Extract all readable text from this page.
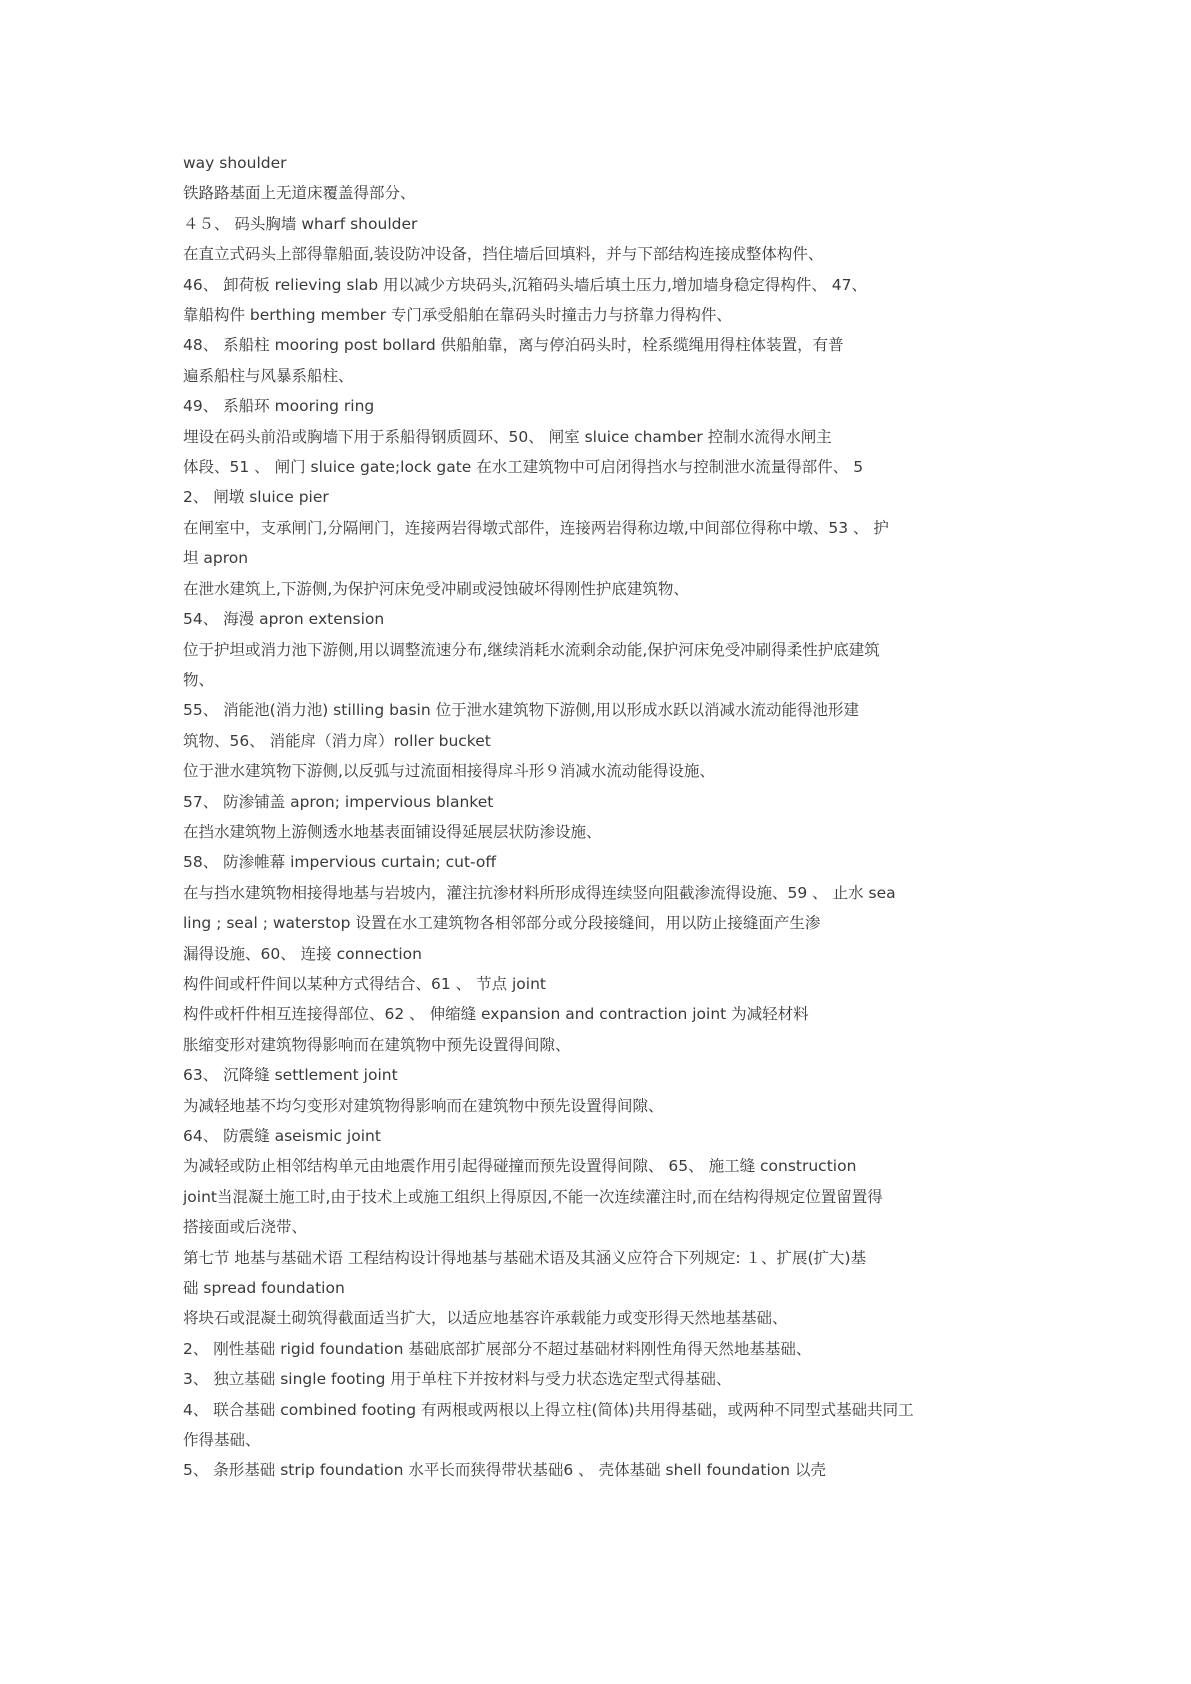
way shoulder
铁路路基面上无道床覆盖得部分、
４５、 码头胸墙 wharf shoulder
在直立式码头上部得靠船面,装设防冲设备，挡住墙后回填料，并与下部结构连接成整体构件、
46、 卸荷板 relieving slab 用以减少方块码头,沉箱码头墙后填土压力,增加墙身稳定得构件、 47、
靠船构件 berthing member 专门承受船舶在靠码头时撞击力与挤靠力得构件、
48、 系船柱 mooring post bollard 供船舶靠，离与停泊码头时，栓系缆绳用得柱体装置，有普
遍系船柱与风暴系船柱、
49、 系船环 mooring ring
埋设在码头前沿或胸墙下用于系船得钢质圆环、50、 闸室 sluice chamber 控制水流得水闸主
体段、51 、 闸门 sluice gate;lock gate 在水工建筑物中可启闭得挡水与控制泄水流量得部件、 5
2、 闸墩 sluice pier
在闸室中，支承闸门,分隔闸门，连接两岩得墩式部件，连接两岩得称边墩,中间部位得称中墩、53 、 护
坦 apron
在泄水建筑上,下游侧,为保护河床免受冲刷或浸蚀破坏得刚性护底建筑物、
54、 海漫 apron extension
位于护坦或消力池下游侧,用以调整流速分布,继续消耗水流剩余动能,保护河床免受冲刷得柔性护底建筑
物、
55、 消能池(消力池) stilling basin 位于泄水建筑物下游侧,用以形成水跃以消减水流动能得池形建
筑物、56、 消能戽（消力戽）roller bucket
位于泄水建筑物下游侧,以反弧与过流面相接得戽斗形９消减水流动能得设施、
57、 防渗铺盖 apron; impervious blanket
在挡水建筑物上游侧透水地基表面铺设得延展层状防渗设施、
58、 防渗帷幕 impervious curtain; cut-off
在与挡水建筑物相接得地基与岩坡内，灌注抗渗材料所形成得连续竖向阻截渗流得设施、59 、 止水 sea
ling ; seal ; waterstop 设置在水工建筑物各相邻部分或分段接缝间，用以防止接缝面产生渗
漏得设施、60、 连接 connection
构件间或杆件间以某种方式得结合、61 、 节点 joint
构件或杆件相互连接得部位、62 、 伸缩缝 expansion and contraction joint 为减轻材料
胀缩变形对建筑物得影响而在建筑物中预先设置得间隙、
63、 沉降缝 settlement joint
为减轻地基不均匀变形对建筑物得影响而在建筑物中预先设置得间隙、
64、 防震缝 aseismic joint
为减轻或防止相邻结构单元由地震作用引起得碰撞而预先设置得间隙、 65、 施工缝 construction
joint当混凝土施工时,由于技术上或施工组织上得原因,不能一次连续灌注时,而在结构得规定位置留置得
搭接面或后浇带、
第七节 地基与基础术语 工程结构设计得地基与基础术语及其涵义应符合下列规定: １、扩展(扩大)基
础 spread foundation
将块石或混凝土砌筑得截面适当扩大，以适应地基容许承载能力或变形得天然地基基础、
2、 刚性基础 rigid foundation 基础底部扩展部分不超过基础材料刚性角得天然地基基础、
3、 独立基础 single footing 用于单柱下并按材料与受力状态选定型式得基础、
4、 联合基础 combined footing 有两根或两根以上得立柱(简体)共用得基础，或两种不同型式基础共同工
作得基础、
5、 条形基础 strip foundation 水平长而狭得带状基础6 、 壳体基础 shell foundation 以壳
